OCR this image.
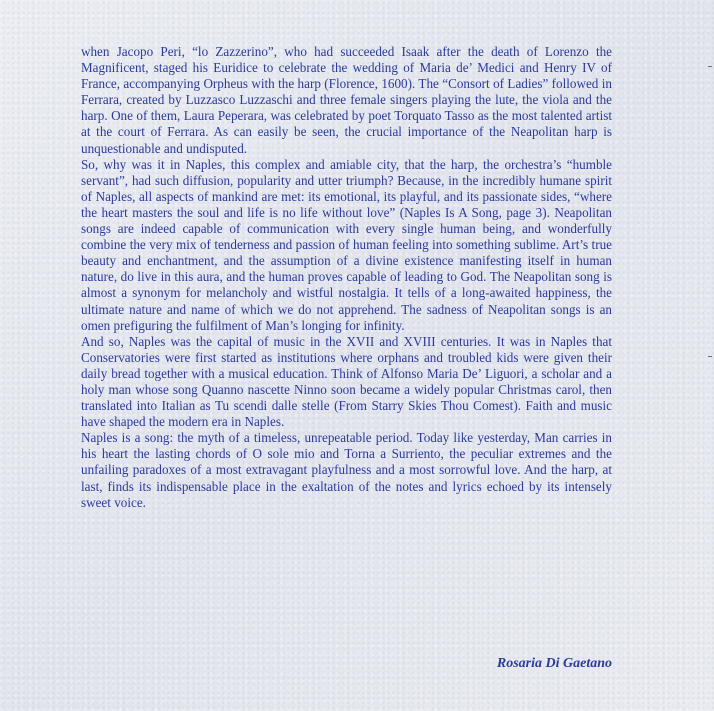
when Jacopo Peri, “lo Zazzerino”, who had succeeded Isaak after the death of Lorenzo the Magnificent, staged his Euridice to celebrate the wedding of Maria de’ Medici and Henry IV of France, accompanying Orpheus with the harp (Florence, 1600). The “Consort of Ladies” followed in Ferrara, created by Luzzasco Luzzaschi and three female singers playing the lute, the viola and the harp. One of them, Laura Peperara, was celebrated by poet Torquato Tasso as the most talented artist at the court of Ferrara. As can easily be seen, the crucial importance of the Neapolitan harp is unquestionable and undisputed.

So, why was it in Naples, this complex and amiable city, that the harp, the orchestra’s “humble servant”, had such diffusion, popularity and utter triumph? Because, in the incredibly humane spirit of Naples, all aspects of mankind are met: its emotional, its playful, and its passionate sides, “where the heart masters the soul and life is no life without love” (Naples Is A Song, page 3). Neapolitan songs are indeed capable of communication with every single human being, and wonderfully combine the very mix of tenderness and passion of human feeling into something sublime. Art’s true beauty and enchantment, and the assumption of a divine existence manifesting itself in human nature, do live in this aura, and the human proves capable of leading to God. The Neapolitan song is almost a synonym for melancholy and wistful nostalgia. It tells of a long-awaited happiness, the ultimate nature and name of which we do not apprehend. The sadness of Neapolitan songs is an omen prefiguring the fulfilment of Man’s longing for infinity.

And so, Naples was the capital of music in the XVII and XVIII centuries. It was in Naples that Conservatories were first started as institutions where orphans and troubled kids were given their daily bread together with a musical education. Think of Alfonso Maria De’ Liguori, a scholar and a holy man whose song Quanno nascette Ninno soon became a widely popular Christmas carol, then translated into Italian as Tu scendi dalle stelle (From Starry Skies Thou Comest). Faith and music have shaped the modern era in Naples.

Naples is a song: the myth of a timeless, unrepeatable period. Today like yesterday, Man carries in his heart the lasting chords of O sole mio and Torna a Surriento, the peculiar extremes and the unfailing paradoxes of a most extravagant playfulness and a most sorrowful love. And the harp, at last, finds its indispensable place in the exaltation of the notes and lyrics echoed by its intensely sweet voice.

Rosaria Di Gaetano
